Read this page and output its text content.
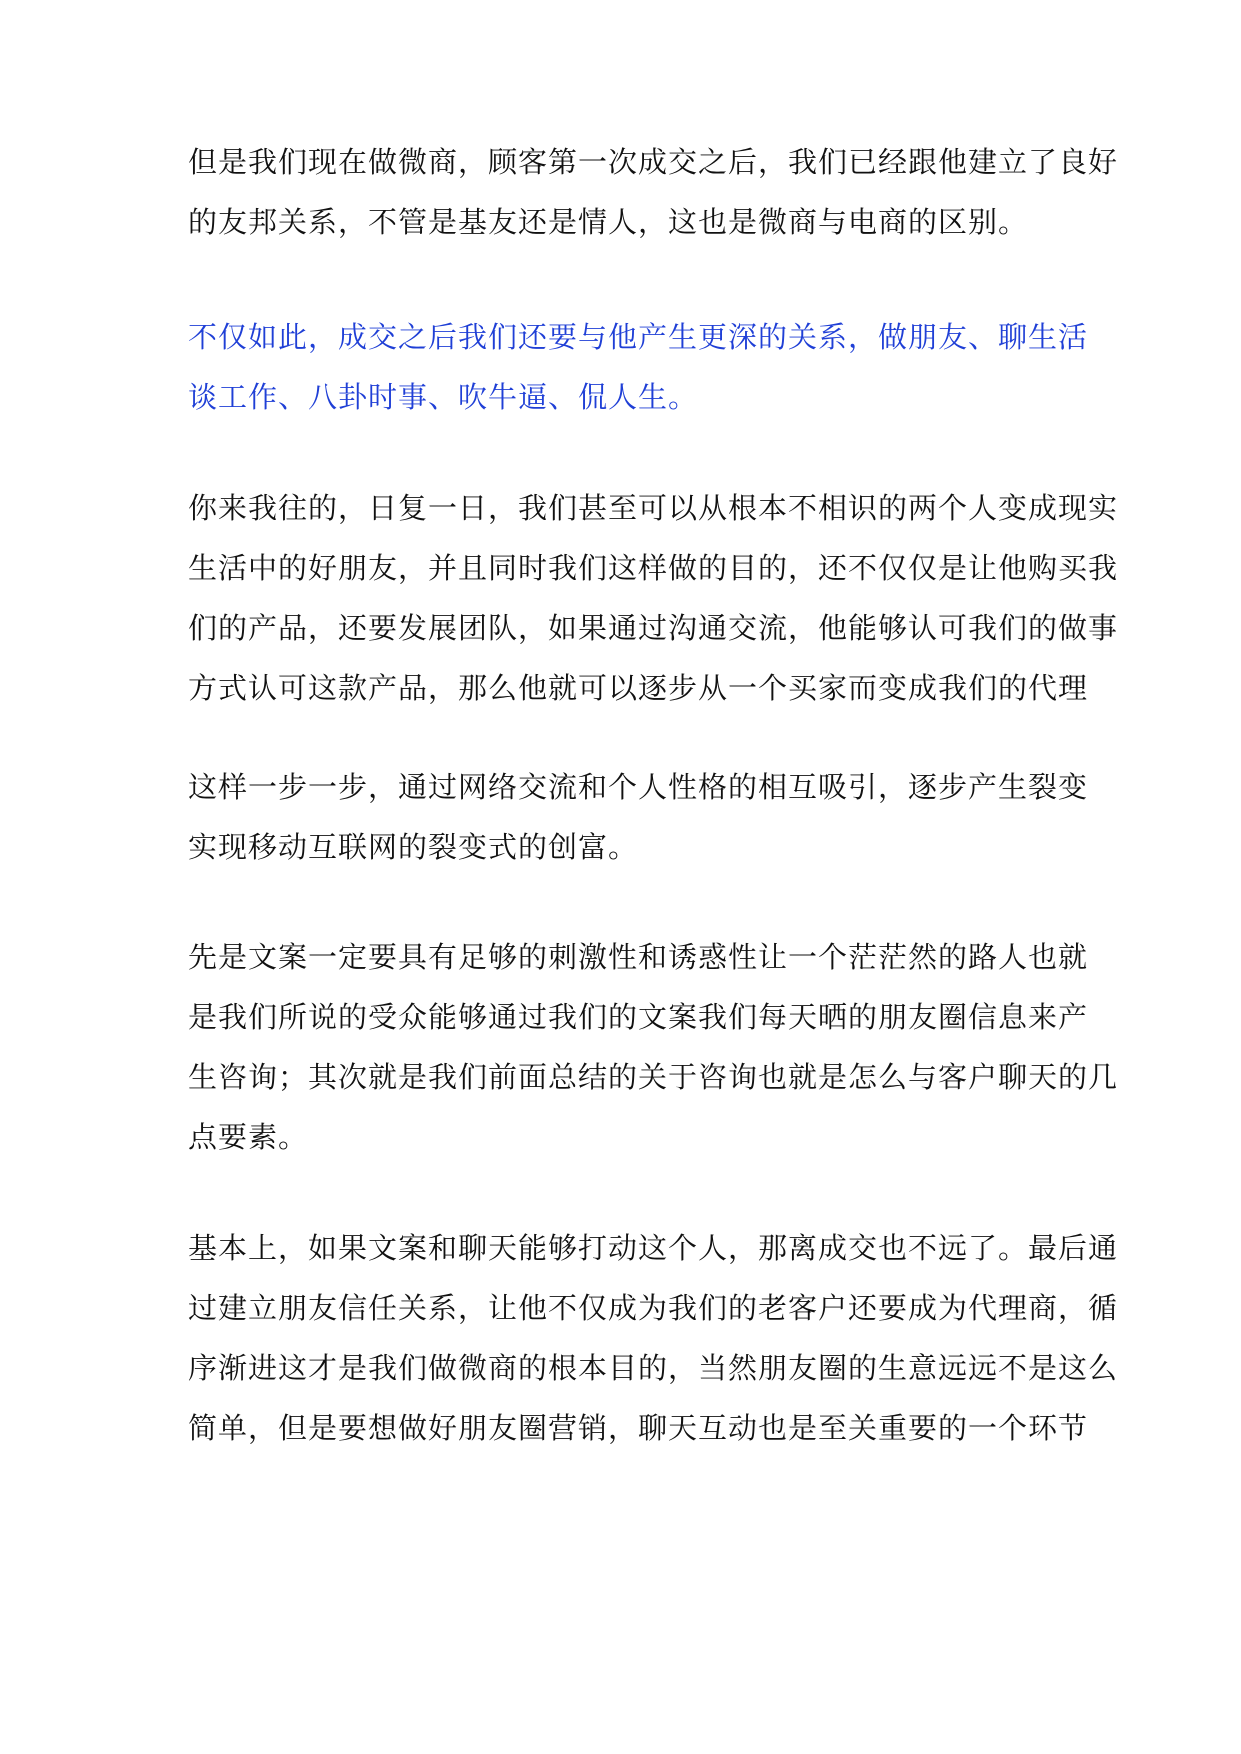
但是我们现在做微商，顾客第一次成交之后，我们已经跟他建立了良好
的友邦关系，不管是基友还是情人，这也是微商与电商的区别。
不仅如此，成交之后我们还要与他产生更深的关系，做朋友、聊生活
谈工作、八卦时事、吹牛逼、侃人生。
你来我往的，日复一日，我们甚至可以从根本不相识的两个人变成现实
生活中的好朋友，并且同时我们这样做的目的，还不仅仅是让他购买我
们的产品，还要发展团队，如果通过沟通交流，他能够认可我们的做事
方式认可这款产品，那么他就可以逐步从一个买家而变成我们的代理
这样一步一步，通过网络交流和个人性格的相互吸引，逐步产生裂变
实现移动互联网的裂变式的创富。
先是文案一定要具有足够的刺激性和诱惑性让一个茫茫然的路人也就
是我们所说的受众能够通过我们的文案我们每天晒的朋友圈信息来产
生咨询；其次就是我们前面总结的关于咨询也就是怎么与客户聊天的几
点要素。
基本上，如果文案和聊天能够打动这个人，那离成交也不远了。最后通
过建立朋友信任关系，让他不仅成为我们的老客户还要成为代理商，循
序渐进这才是我们做微商的根本目的，当然朋友圈的生意远远不是这么
简单，但是要想做好朋友圈营销，聊天互动也是至关重要的一个环节
